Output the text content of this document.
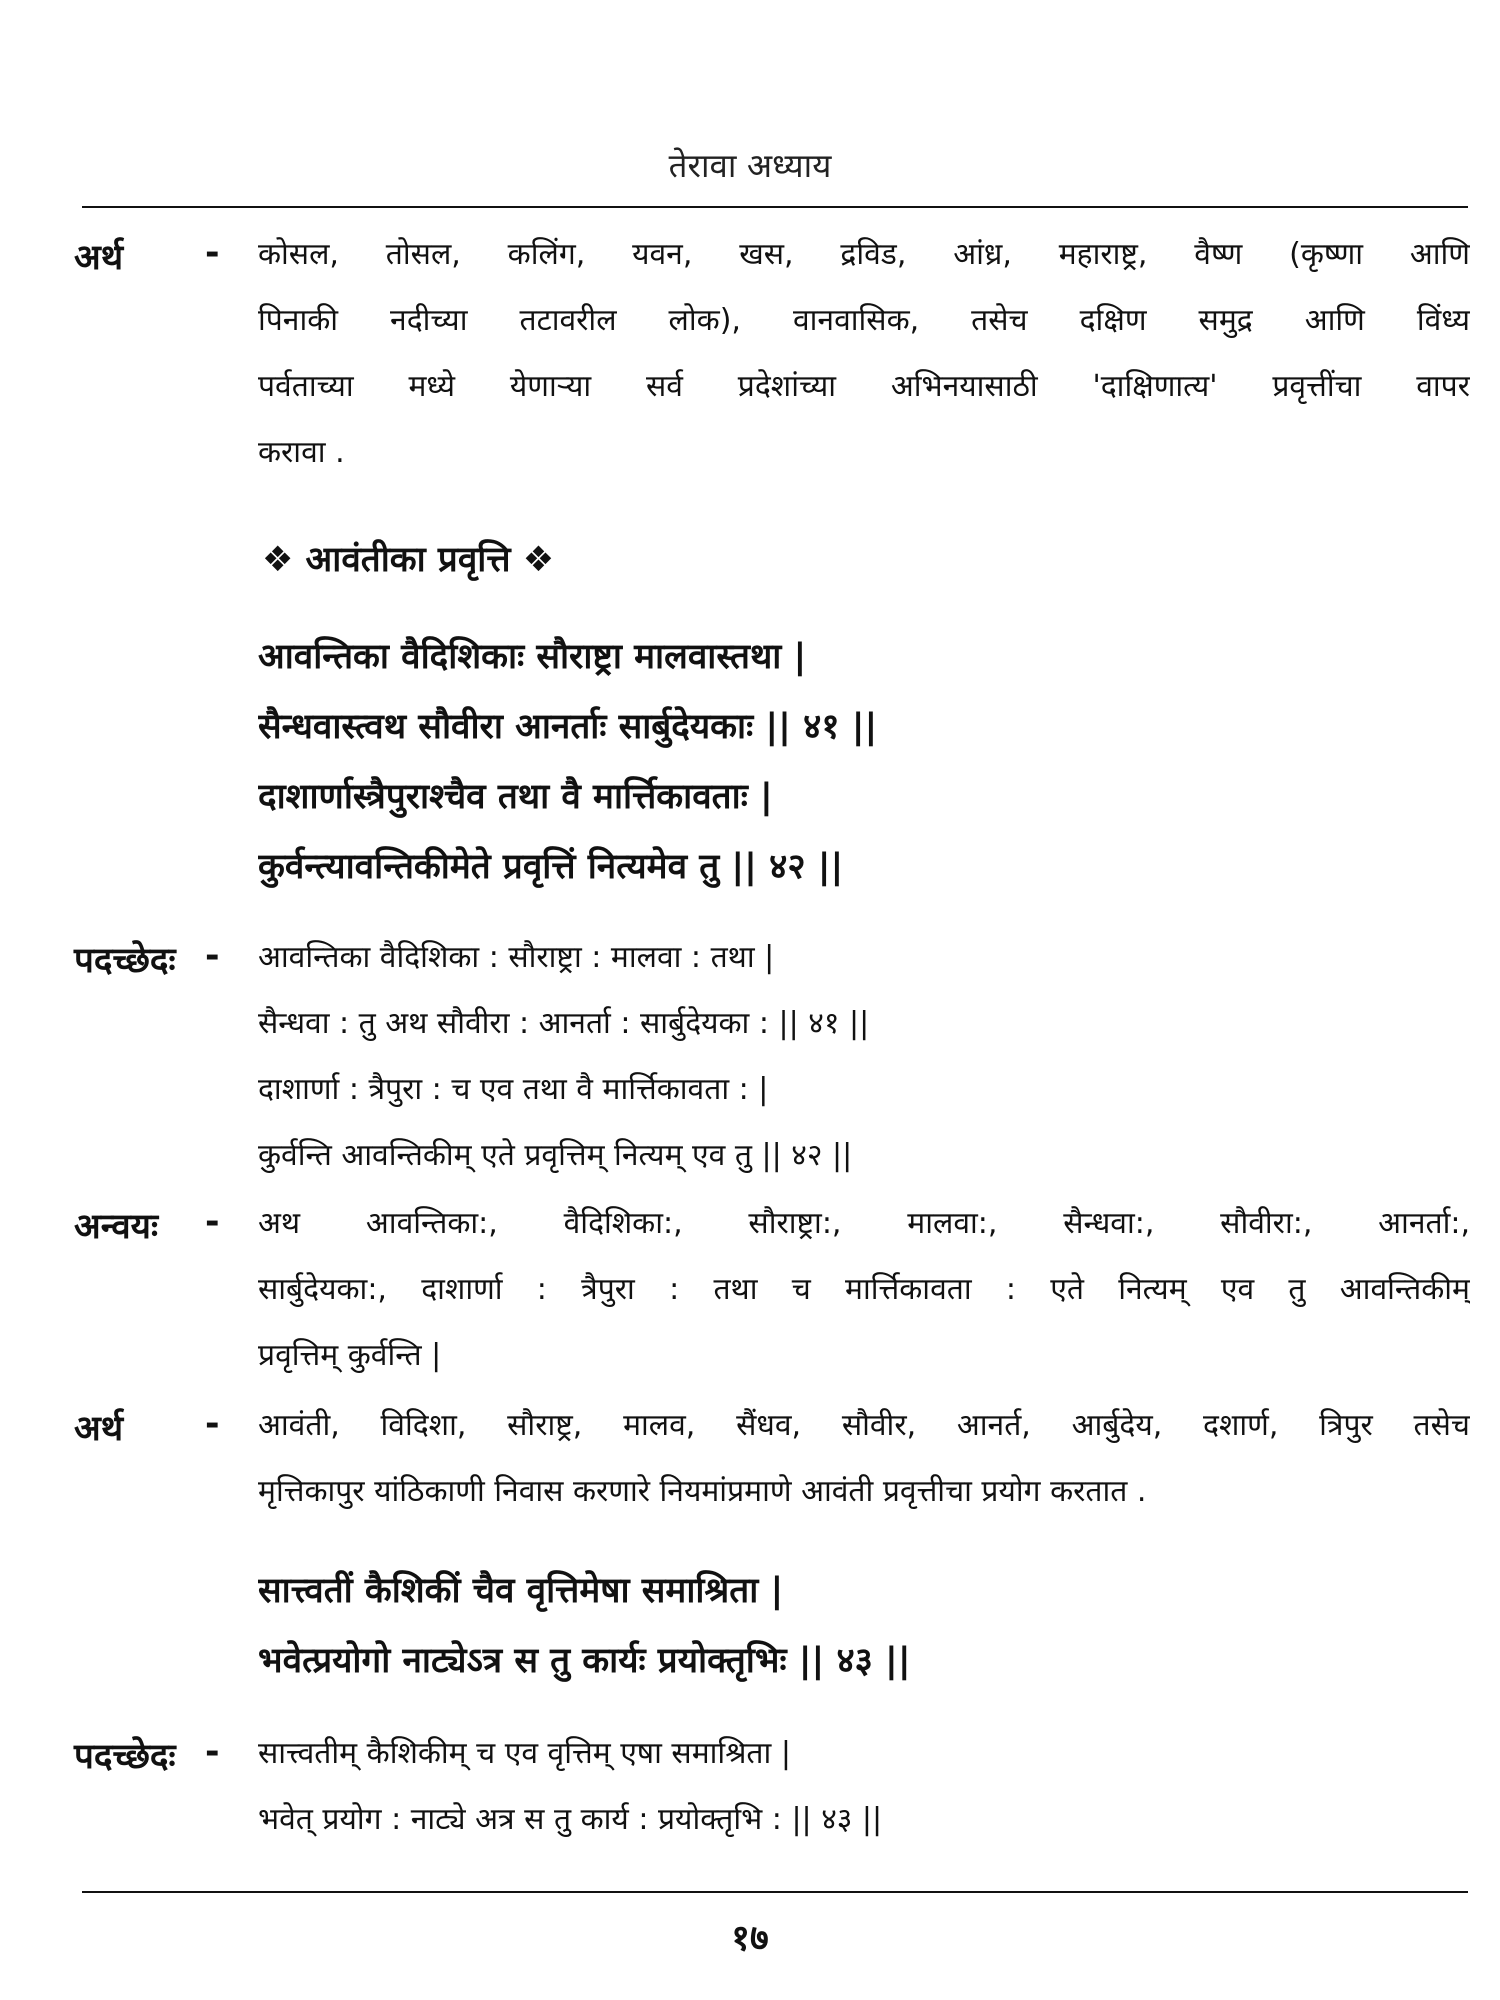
तेरावा अध्याय
अर्थ - कोसल, तोसल, कलिंग, यवन, खस, द्रविड, आंध्र, महाराष्ट्र, वैष्ण (कृष्णा आणि
पिनाकी नदीच्या तटावरील लोक), वानवासिक, तसेच दक्षिण समुद्र आणि विंध्य
पर्वताच्या मध्ये येणाऱ्या सर्व प्रदेशांच्या अभिनयासाठी 'दाक्षिणात्य' प्रवृत्तींचा वापर
करावा .
❖ आवंतीका प्रवृत्ति ❖
आवन्तिका वैदिशिकाः सौराष्ट्रा मालवास्तथा |
सैन्धवास्त्वथ सौवीरा आनर्ताः सार्बुदेयकाः || ४१ ||
दाशार्णास्त्रैपुराश्चैव तथा वै मार्त्तिकावताः |
कुर्वन्त्यावन्तिकीमेते प्रवृत्तिं नित्यमेव तु || ४२ ||
पदच्छेदः - आवन्तिका वैदिशिका : सौराष्ट्रा : मालवा : तथा |
सैन्धवा : तु अथ सौवीरा : आनर्ता : सार्बुदेयका : || ४१ ||
दाशार्णा : त्रैपुरा : च एव तथा वै मार्त्तिकावता : |
कुर्वन्ति आवन्तिकीम् एते प्रवृत्तिम् नित्यम् एव तु || ४२ ||
अन्वयः - अथ आवन्तिका:, वैदिशिका:, सौराष्ट्रा:, मालवा:, सैन्धवा:, सौवीरा:, आनर्ता:,
सार्बुदेयका:, दाशार्णा : त्रैपुरा : तथा च मार्त्तिकावता : एते नित्यम् एव तु आवन्तिकीम्
प्रवृत्तिम् कुर्वन्ति |
अर्थ - आवंती, विदिशा, सौराष्ट्र, मालव, सैंधव, सौवीर, आनर्त, आर्बुदेय, दशार्ण, त्रिपुर तसेच
मृत्तिकापुर यांठिकाणी निवास करणारे नियमांप्रमाणे आवंती प्रवृत्तीचा प्रयोग करतात .
सात्त्वतीं कैशिकीं चैव वृत्तिमेषा समाश्रिता |
भवेत्प्रयोगो नाट्येऽत्र स तु कार्यः प्रयोक्तृभिः || ४३ ||
पदच्छेदः - सात्त्वतीम् कैशिकीम् च एव वृत्तिम् एषा समाश्रिता |
भवेत् प्रयोग : नाट्ये अत्र स तु कार्य : प्रयोक्तृभि : || ४३ ||
१७
